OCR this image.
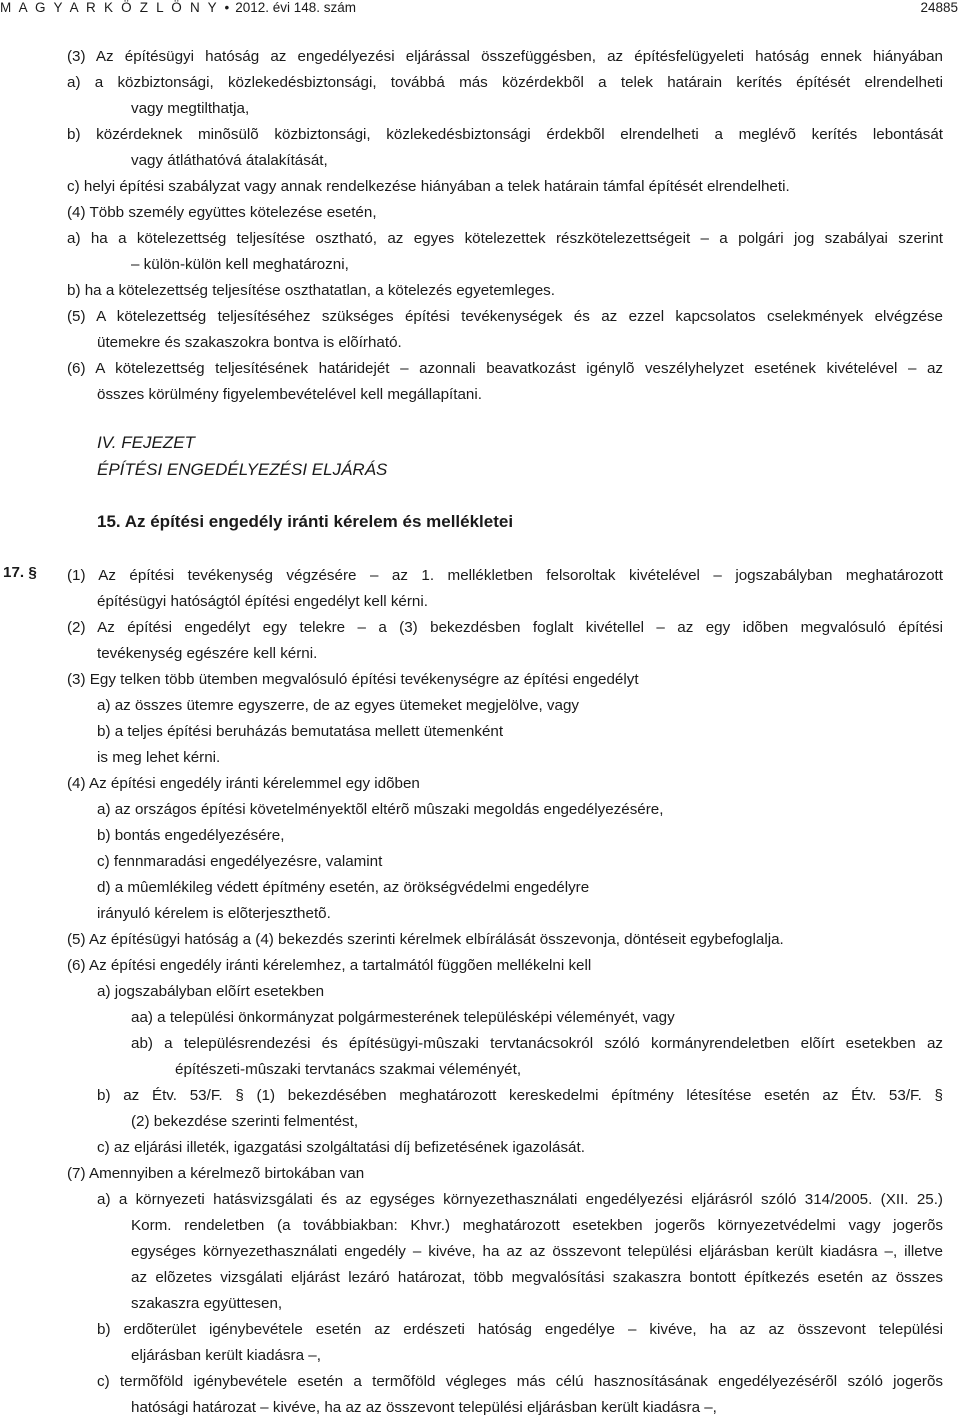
M A G Y A R K Ö Z L Ö N Y • 2012. évi 148. szám	24885
(3) Az építésügyi hatóság az engedélyezési eljárással összefüggésben, az építésfelügyeleti hatóság ennek hiányában
a) a közbiztonsági, közlekedésbiztonsági, továbbá más közérdekbõl a telek határain kerítés építését elrendelheti
vagy megtilthatja,
b) közérdeknek minõsülõ közbiztonsági, közlekedésbiztonsági érdekbõl elrendelheti a meglévõ kerítés lebontását
vagy átláthatóvá átalakítását,
c) helyi építési szabályzat vagy annak rendelkezése hiányában a telek határain támfal építését elrendelheti.
(4) Több személy együttes kötelezése esetén,
a) ha a kötelezettség teljesítése osztható, az egyes kötelezettek részkötelezettségeit – a polgári jog szabályai szerint
– külön-külön kell meghatározni,
b) ha a kötelezettség teljesítése oszthatatlan, a kötelezés egyetemleges.
(5) A kötelezettség teljesítéséhez szükséges építési tevékenységek és az ezzel kapcsolatos cselekmények elvégzése
ütemekre és szakaszokra bontva is elõírható.
(6) A kötelezettség teljesítésének határidejét – azonnali beavatkozást igénylõ veszélyhelyzet esetének kivételével – az
összes körülmény figyelembevételével kell megállapítani.
(1) Az építési tevékenység végzésére – az 1. mellékletben felsoroltak kivételével – jogszabályban meghatározott
építésügyi hatóságtól építési engedélyt kell kérni.
(2) Az építési engedélyt egy telekre – a (3) bekezdésben foglalt kivétellel – az egy idõben megvalósuló építési
tevékenység egészére kell kérni.
(3) Egy telken több ütemben megvalósuló építési tevékenységre az építési engedélyt
a) az összes ütemre egyszerre, de az egyes ütemeket megjelölve, vagy
b) a teljes építési beruházás bemutatása mellett ütemenként
is meg lehet kérni.
(4) Az építési engedély iránti kérelemmel egy idõben
a) az országos építési követelményektõl eltérõ mûszaki megoldás engedélyezésére,
b) bontás engedélyezésére,
c) fennmaradási engedélyezésre, valamint
d) a mûemlékileg védett építmény esetén, az örökségvédelmi engedélyre
irányuló kérelem is elõterjeszthetõ.
(5) Az építésügyi hatóság a (4) bekezdés szerinti kérelmek elbírálását összevonja, döntéseit egybefoglalja.
(6) Az építési engedély iránti kérelemhez, a tartalmától függõen mellékelni kell
a) jogszabályban elõírt esetekben
aa) a települési önkormányzat polgármesterének településképi véleményét, vagy
ab) a településrendezési és építésügyi-mûszaki tervtanácsokról szóló kormányrendeletben elõírt esetekben az
építészeti-mûszaki tervtanács szakmai véleményét,
b) az Étv. 53/F. § (1) bekezdésében meghatározott kereskedelmi építmény létesítése esetén az Étv. 53/F. §
(2) bekezdése szerinti felmentést,
c) az eljárási illeték, igazgatási szolgáltatási díj befizetésének igazolását.
(7) Amennyiben a kérelmezõ birtokában van
a) a környezeti hatásvizsgálati és az egységes környezethasználati engedélyezési eljárásról szóló 314/2005. (XII. 25.)
Korm. rendeletben (a továbbiakban: Khvr.) meghatározott esetekben jogerõs környezetvédelmi vagy jogerõs
egységes környezethasználati engedély – kivéve, ha az az összevont települési eljárásban került kiadásra –, illetve
az elõzetes vizsgálati eljárást lezáró határozat, több megvalósítási szakaszra bontott építkezés esetén az összes
szakaszra együttesen,
b) erdõterület igénybevétele esetén az erdészeti hatóság engedélye – kivéve, ha az az összevont települési
eljárásban került kiadásra –,
c) termõföld igénybevétele esetén a termõföld végleges más célú hasznosításának engedélyezésérõl szóló jogerõs
hatósági határozat – kivéve, ha az az összevont települési eljárásban került kiadásra –,
IV. FEJEZET
ÉPÍTÉSI ENGEDÉLYEZÉSI ELJÁRÁS
15. Az építési engedély iránti kérelem és mellékletei
17. §
